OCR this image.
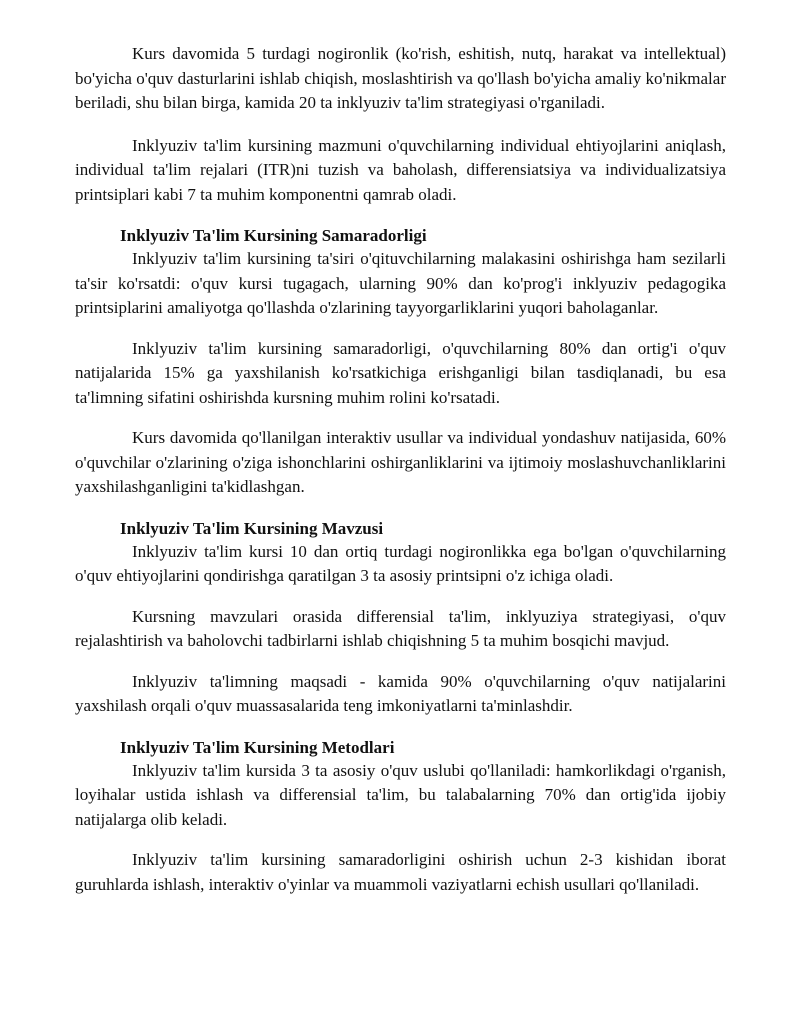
Kurs davomida 5 turdagi nogironlik (ko'rish, eshitish, nutq, harakat va intellektual) bo'yicha o'quv dasturlarini ishlab chiqish, moslashtirish va qo'llash bo'yicha amaliy ko'nikmalar beriladi, shu bilan birga, kamida 20 ta inklyuziv ta'lim strategiyasi o'rganiladi.

Inklyuziv ta'lim kursining mazmuni o'quvchilarning individual ehtiyojlarini aniqlash, individual ta'lim rejalari (ITR)ni tuzish va baholash, differensiatsiya va individualizatsiya printsiplari kabi 7 ta muhim komponentni qamrab oladi.

Inklyuziv Ta'lim Kursining Samaradorligi

Inklyuziv ta'lim kursining ta'siri o'qituvchilarning malakasini oshirishga ham sezilarli ta'sir ko'rsatdi: o'quv kursi tugagach, ularning 90% dan ko'prog'i inklyuziv pedagogika printsiplarini amaliyotga qo'llashda o'zlarining tayyorgarliklarini yuqori baholaganlar.

Inklyuziv ta'lim kursining samaradorligi, o'quvchilarning 80% dan ortig'i o'quv natijalarida 15% ga yaxshilanish ko'rsatkichiga erishganligi bilan tasdiqlanadi, bu esa ta'limning sifatini oshirishda kursning muhim rolini ko'rsatadi.

Kurs davomida qo'llanilgan interaktiv usullar va individual yondashuv natijasida, 60% o'quvchilar o'zlarining o'ziga ishonchlarini oshirganliklarini va ijtimoiy moslashuvchanliklarini yaxshilashganligini ta'kidlashgan.

Inklyuziv Ta'lim Kursining Mavzusi

Inklyuziv ta'lim kursi 10 dan ortiq turdagi nogironlikka ega bo'lgan o'quvchilarning o'quv ehtiyojlarini qondirishga qaratilgan 3 ta asosiy printsipni o'z ichiga oladi.

Kursning mavzulari orasida differensial ta'lim, inklyuziya strategiyasi, o'quv rejalashtirish va baholovchi tadbirlarni ishlab chiqishning 5 ta muhim bosqichi mavjud.

Inklyuziv ta'limning maqsadi - kamida 90% o'quvchilarning o'quv natijalarini yaxshilash orqali o'quv muassasalarida teng imkoniyatlarni ta'minlashdir.

Inklyuziv Ta'lim Kursining Metodlari

Inklyuziv ta'lim kursida 3 ta asosiy o'quv uslubi qo'llaniladi: hamkorlikdagi o'rganish, loyihalar ustida ishlash va differensial ta'lim, bu talabalarning 70% dan ortig'ida ijobiy natijalarga olib keladi.

Inklyuziv ta'lim kursining samaradorligini oshirish uchun 2-3 kishidan iborat guruhlarda ishlash, interaktiv o'yinlar va muammoli vaziyatlarni echish usullari qo'llaniladi.
